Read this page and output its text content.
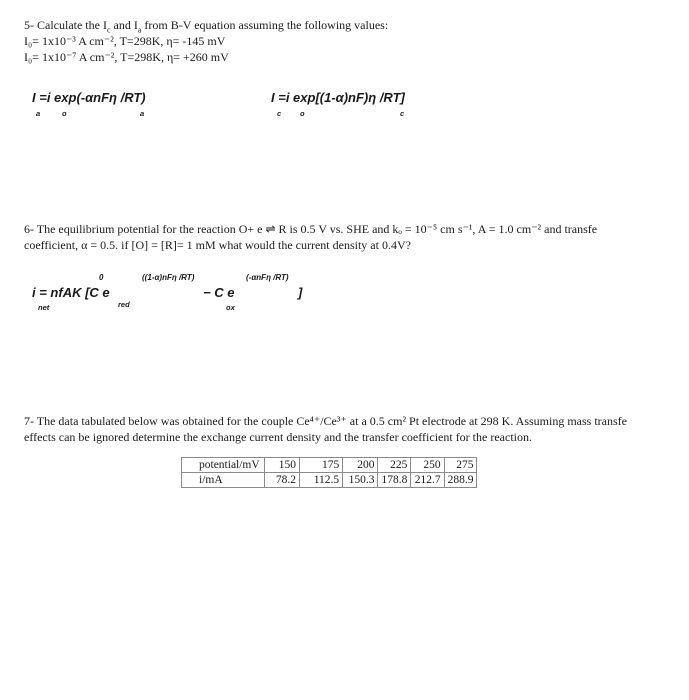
5- Calculate the $I_c$ and $I_a$ from B-V equation assuming the following values:
I₀= 1x10⁻³ A cm⁻², T=298K, η= -145 mV
I₀= 1x10⁻⁷ A cm⁻², T=298K, η= +260 mV
I =i exp(-αnFη /RT)
a	o	a
I =i exp[(1-α)nF)η /RT]
c	o	c
6- The equilibrium potential for the reaction O+ e ⇌ R is 0.5 V vs. SHE and kₒ = 10⁻⁵ cm s⁻¹, A = 1.0 cm⁻² and transfe
coefficient, α = 0.5. if [O] = [R]= 1 mM what would the current density at 0.4V?
0	((1-α)nFη /RT)	(-αnFη /RT)
i = nfAK [C e	− C e	]
net	red	ox
7- The data tabulated below was obtained for the couple Ce⁴⁺/Ce³⁺ at a 0.5 cm² Pt electrode at 298 K. Assuming mass transfe
effects can be ignored determine the exchange current density and the transfer coefficient for the reaction.
potential/mV	150	175	200	225	250	275
i/mA	78.2	112.5	150.3	178.8	212.7	288.9
